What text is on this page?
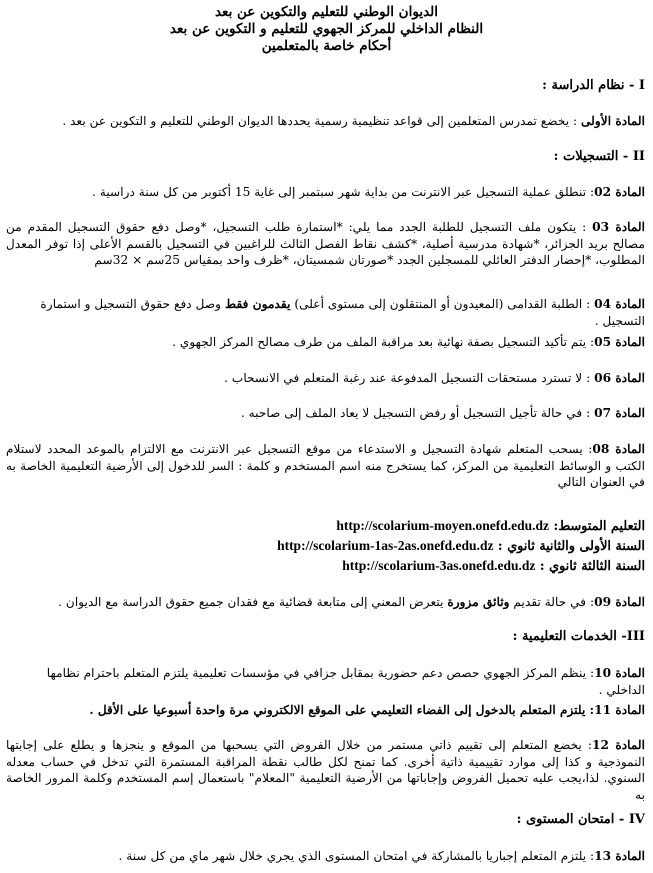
الديوان الوطني للتعليم والتكوين عن بعد
النظام الداخلي للمركز الجهوي للتعليم و التكوين عن بعد
أحكام خاصة بالمتعلمين
I - نظام الدراسة :
المادة الأولى : يخضع تمدرس المتعلمين إلى قواعد تنظيمية رسمية يحددها الديوان الوطني للتعليم و التكوين عن بعد .
II - التسجيلات :
المادة 02: تنطلق عملية التسجيل عبر الانترنت من بداية شهر سبتمبر إلى غاية 15 أكتوبر من كل سنة دراسية .
المادة 03 : يتكون ملف التسجيل للطلبة الجدد مما يلي: *استمارة طلب التسجيل، *وصل دفع حقوق التسجيل المقدم من مصالح بريد الجزائر، *شهادة مدرسية أصلية، *كشف نقاط الفصل الثالث للراغبين في التسجيل بالقسم الأعلى إذا توفر المعدل المطلوب، *إحضار الدفتر العائلي للمسجلين الجدد *صورتان شمسيتان، *ظرف واحد بمقياس 25سم × 32سم
المادة 04 : الطلبة القدامى (المعيدون أو المنتقلون إلى مستوى أعلى) يقدمون فقط وصل دفع حقوق التسجيل و استمارة التسجيل .
المادة 05: يتم تأكيد التسجيل بصفة نهائية بعد مراقبة الملف من طرف مصالح المركز الجهوي .
المادة 06 : لا تسترد مستحقات التسجيل المدفوعة عند رغبة المتعلم في الانسحاب .
المادة 07 : في حالة تأجيل التسجيل أو رفض التسجيل لا يعاد الملف إلى صاحبه .
المادة 08: يسحب المتعلم شهادة التسجيل و الاستدعاء من موقع التسجيل عبر الانترنت مع الالتزام بالموعد المحدد لاستلام الكتب و الوسائط التعليمية من المركز، كما يستخرج منه اسم المستخدم و كلمة : السر للدخول إلى الأرضية التعليمية الخاصة به في العنوان التالي
التعليم المتوسط: http://scolarium-moyen.onefd.edu.dz
السنة الأولى والثانية ثانوي : http://scolarium-1as-2as.onefd.edu.dz
السنة الثالثة ثانوي : http://scolarium-3as.onefd.edu.dz
المادة 09: في حالة تقديم وثائق مزورة يتعرض المعني إلى متابعة قضائية مع فقدان جميع حقوق الدراسة مع الديوان .
III- الخدمات التعليمية :
المادة 10: ينظم المركز الجهوي حصص دعم حضورية بمقابل جزافي في مؤسسات تعليمية يلتزم المتعلم باحترام نظامها الداخلي .
المادة 11: يلتزم المتعلم بالدخول إلى الفضاء التعليمي على الموقع الالكتروني مرة واحدة أسبوعيا على الأقل .
المادة 12: يخضع المتعلم إلى تقييم ذاتي مستمر من خلال الفروض التي يسحبها من الموقع و ينجزها و يطلع على إجابتها النموذجية و كذا إلى موارد تقييمية ذاتية أخرى. كما تمنح لكل طالب نقطة المراقبة المستمرة التي تدخل في حساب معدله السنوي. لذا،يجب عليه تحميل الفروض وإجاباتها من الأرضية التعليمية "المعلام" باستعمال إسم المستخدم وكلمة المرور الخاصة به
IV - امتحان المستوى :
المادة 13: يلتزم المتعلم إجباريا بالمشاركة في امتحان المستوى الذي يجري خلال شهر ماي من كل سنة .
